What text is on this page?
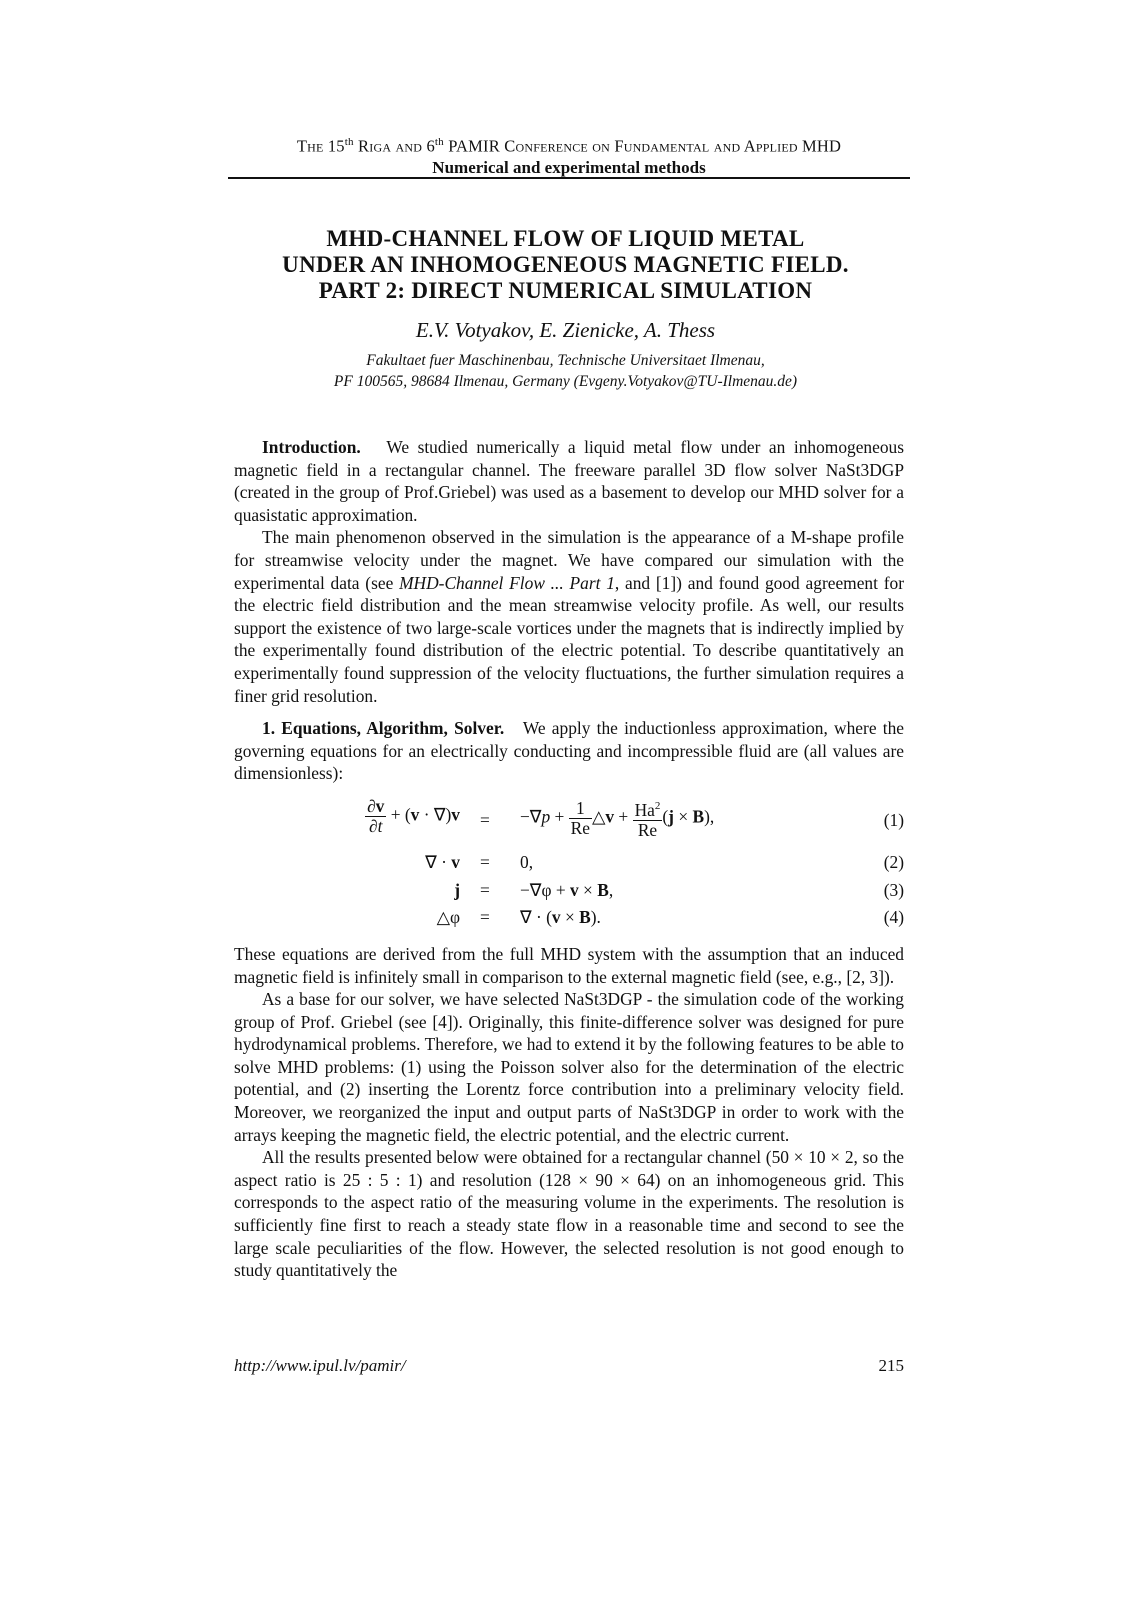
The 15th Riga and 6th PAMIR Conference on Fundamental and Applied MHD
Numerical and experimental methods
MHD-CHANNEL FLOW OF LIQUID METAL
UNDER AN INHOMOGENEOUS MAGNETIC FIELD.
PART 2: DIRECT NUMERICAL SIMULATION
E.V. Votyakov, E. Zienicke, A. Thess
Fakultaet fuer Maschinenbau, Technische Universitaet Ilmenau,
PF 100565, 98684 Ilmenau, Germany (Evgeny.Votyakov@TU-Ilmenau.de)

Introduction. We studied numerically a liquid metal flow under an inhomogeneous magnetic field in a rectangular channel. The freeware parallel 3D flow solver NaSt3DGP (created in the group of Prof.Griebel) was used as a basement to develop our MHD solver for a quasistatic approximation.

The main phenomenon observed in the simulation is the appearance of a M-shape profile for streamwise velocity under the magnet. We have compared our simulation with the experimental data (see MHD-Channel Flow ... Part 1, and [1]) and found good agreement for the electric field distribution and the mean streamwise velocity profile. As well, our results support the existence of two large-scale vortices under the magnets that is indirectly implied by the experimentally found distribution of the electric potential. To describe quantitatively an experimentally found suppression of the velocity fluctuations, the further simulation requires a finer grid resolution.

1. Equations, Algorithm, Solver. We apply the inductionless approximation, where the governing equations for an electrically conducting and incompressible fluid are (all values are dimensionless):

$\frac{\partial v}{\partial t} + (v \cdot \nabla)v = -\nabla p + \frac{1}{Re}$ △v + $\frac{Ha^2}{Re} (j \times B)$,	(1)
∇ · v = 0,	(2)
j = −∇φ + v × B,	(3)
△φ = ∇ · (v × B).	(4)

These equations are derived from the full MHD system with the assumption that an induced magnetic field is infinitely small in comparison to the external magnetic field (see, e.g., [2, 3]).

As a base for our solver, we have selected NaSt3DGP - the simulation code of the working group of Prof. Griebel (see [4]). Originally, this finite-difference solver was designed for pure hydrodynamical problems. Therefore, we had to extend it by the following features to be able to solve MHD problems: (1) using the Poisson solver also for the determination of the electric potential, and (2) inserting the Lorentz force contribution into a preliminary velocity field. Moreover, we reorganized the input and output parts of NaSt3DGP in order to work with the arrays keeping the magnetic field, the electric potential, and the electric current.

All the results presented below were obtained for a rectangular channel (50 × 10 × 2, so the aspect ratio is 25 : 5 : 1) and resolution (128 × 90 × 64) on an inhomogeneous grid. This corresponds to the aspect ratio of the measuring volume in the experiments. The resolution is sufficiently fine first to reach a steady state flow in a reasonable time and second to see the large scale peculiarities of the flow. However, the selected resolution is not good enough to study quantitatively the

http://www.ipul.lv/pamir/	215
